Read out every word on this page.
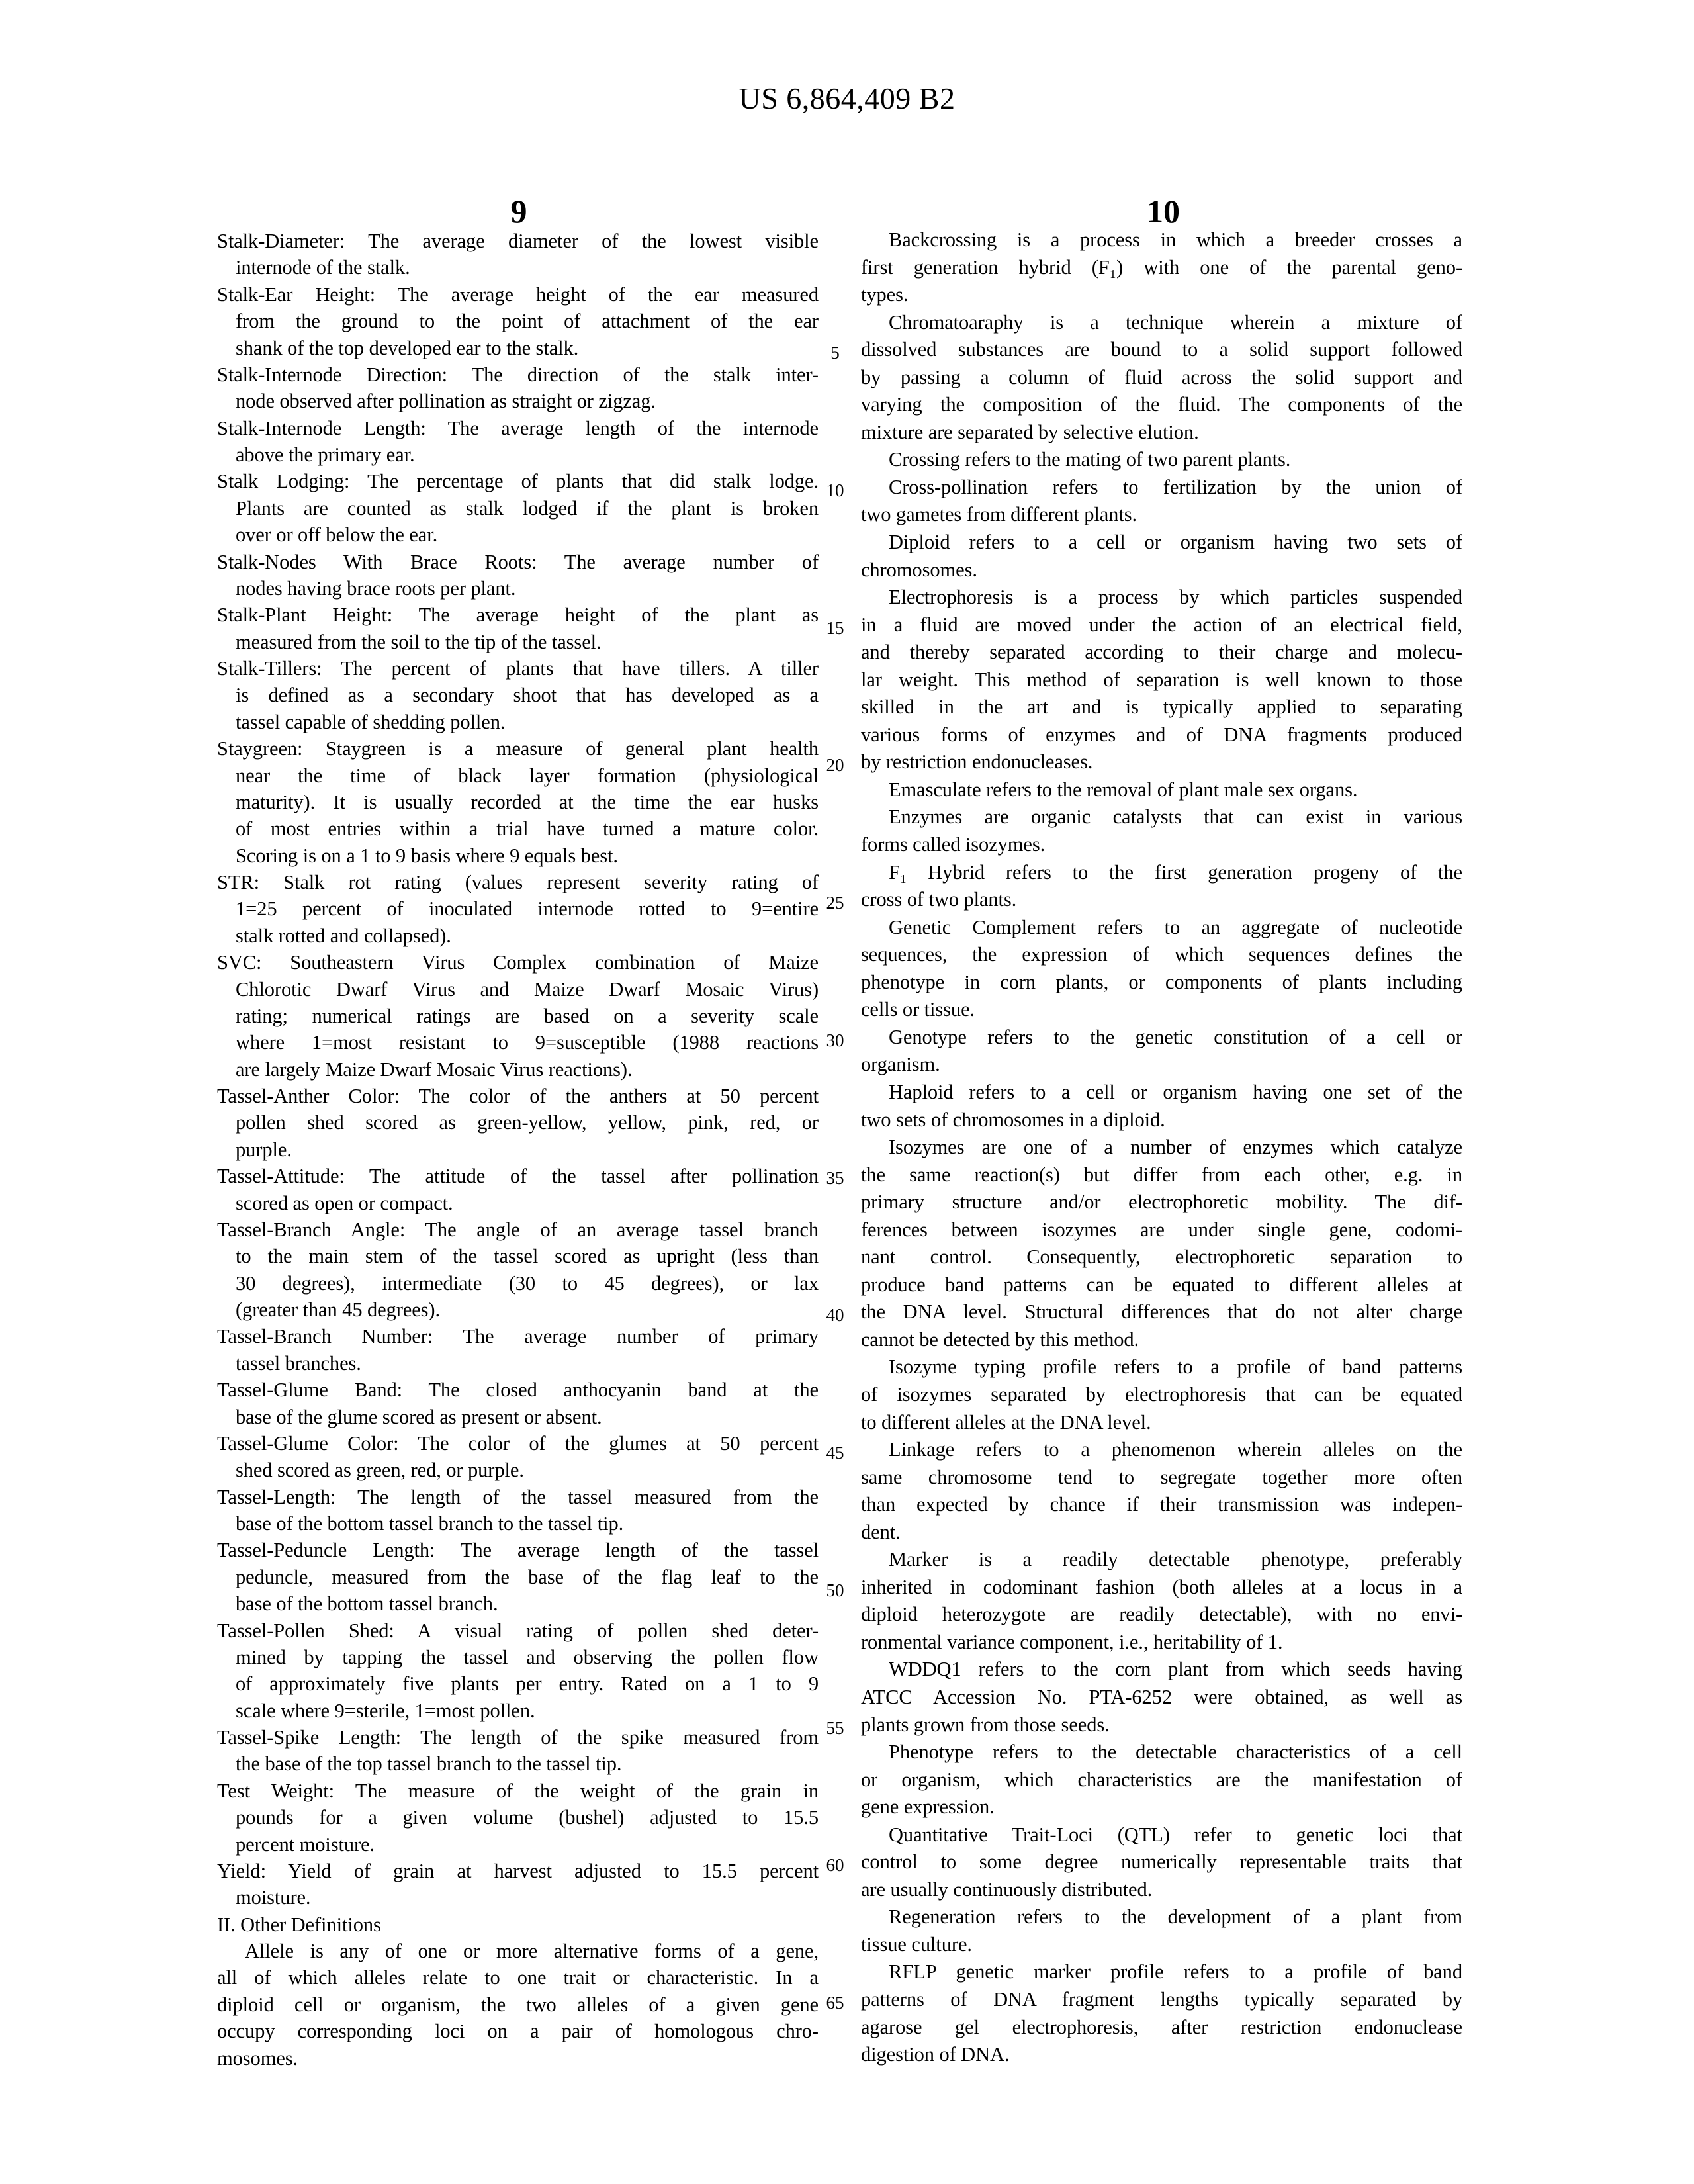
US 6,864,409 B2
9	10
Stalk-Diameter: The average diameter of the lowest visible
internode of the stalk.
Stalk-Ear Height: The average height of the ear measured
from the ground to the point of attachment of the ear
shank of the top developed ear to the stalk.
Stalk-Internode Direction: The direction of the stalk inter-
node observed after pollination as straight or zigzag.
Stalk-Internode Length: The average length of the internode
above the primary ear.
Stalk Lodging: The percentage of plants that did stalk lodge.
Plants are counted as stalk lodged if the plant is broken
over or off below the ear.
Stalk-Nodes With Brace Roots: The average number of
nodes having brace roots per plant.
Stalk-Plant Height: The average height of the plant as
measured from the soil to the tip of the tassel.
Stalk-Tillers: The percent of plants that have tillers. A tiller
is defined as a secondary shoot that has developed as a
tassel capable of shedding pollen.
Staygreen: Staygreen is a measure of general plant health
near the time of black layer formation (physiological
maturity). It is usually recorded at the time the ear husks
of most entries within a trial have turned a mature color.
Scoring is on a 1 to 9 basis where 9 equals best.
STR: Stalk rot rating (values represent severity rating of
1=25 percent of inoculated internode rotted to 9=entire
stalk rotted and collapsed).
SVC: Southeastern Virus Complex combination of Maize
Chlorotic Dwarf Virus and Maize Dwarf Mosaic Virus)
rating; numerical ratings are based on a severity scale
where 1=most resistant to 9=susceptible (1988 reactions
are largely Maize Dwarf Mosaic Virus reactions).
Tassel-Anther Color: The color of the anthers at 50 percent
pollen shed scored as green-yellow, yellow, pink, red, or
purple.
Tassel-Attitude: The attitude of the tassel after pollination
scored as open or compact.
Tassel-Branch Angle: The angle of an average tassel branch
to the main stem of the tassel scored as upright (less than
30 degrees), intermediate (30 to 45 degrees), or lax
(greater than 45 degrees).
Tassel-Branch Number: The average number of primary
tassel branches.
Tassel-Glume Band: The closed anthocyanin band at the
base of the glume scored as present or absent.
Tassel-Glume Color: The color of the glumes at 50 percent
shed scored as green, red, or purple.
Tassel-Length: The length of the tassel measured from the
base of the bottom tassel branch to the tassel tip.
Tassel-Peduncle Length: The average length of the tassel
peduncle, measured from the base of the flag leaf to the
base of the bottom tassel branch.
Tassel-Pollen Shed: A visual rating of pollen shed deter-
mined by tapping the tassel and observing the pollen flow
of approximately five plants per entry. Rated on a 1 to 9
scale where 9=sterile, 1=most pollen.
Tassel-Spike Length: The length of the spike measured from
the base of the top tassel branch to the tassel tip.
Test Weight: The measure of the weight of the grain in
pounds for a given volume (bushel) adjusted to 15.5
percent moisture.
Yield: Yield of grain at harvest adjusted to 15.5 percent
moisture.
II. Other Definitions
Allele is any of one or more alternative forms of a gene,
all of which alleles relate to one trait or characteristic. In a
diploid cell or organism, the two alleles of a given gene
occupy corresponding loci on a pair of homologous chro-
mosomes.
Backcrossing is a process in which a breeder crosses a
first generation hybrid (F₁) with one of the parental geno-
types.
Chromatoaraphy is a technique wherein a mixture of
dissolved substances are bound to a solid support followed
by passing a column of fluid across the solid support and
varying the composition of the fluid. The components of the
mixture are separated by selective elution.
Crossing refers to the mating of two parent plants.
Cross-pollination refers to fertilization by the union of
two gametes from different plants.
Diploid refers to a cell or organism having two sets of
chromosomes.
Electrophoresis is a process by which particles suspended
in a fluid are moved under the action of an electrical field,
and thereby separated according to their charge and molecu-
lar weight. This method of separation is well known to those
skilled in the art and is typically applied to separating
various forms of enzymes and of DNA fragments produced
by restriction endonucleases.
Emasculate refers to the removal of plant male sex organs.
Enzymes are organic catalysts that can exist in various
forms called isozymes.
F₁ Hybrid refers to the first generation progeny of the
cross of two plants.
Genetic Complement refers to an aggregate of nucleotide
sequences, the expression of which sequences defines the
phenotype in corn plants, or components of plants including
cells or tissue.
Genotype refers to the genetic constitution of a cell or
organism.
Haploid refers to a cell or organism having one set of the
two sets of chromosomes in a diploid.
Isozymes are one of a number of enzymes which catalyze
the same reaction(s) but differ from each other, e.g. in
primary structure and/or electrophoretic mobility. The dif-
ferences between isozymes are under single gene, codomi-
nant control. Consequently, electrophoretic separation to
produce band patterns can be equated to different alleles at
the DNA level. Structural differences that do not alter charge
cannot be detected by this method.
Isozyme typing profile refers to a profile of band patterns
of isozymes separated by electrophoresis that can be equated
to different alleles at the DNA level.
Linkage refers to a phenomenon wherein alleles on the
same chromosome tend to segregate together more often
than expected by chance if their transmission was indepen-
dent.
Marker is a readily detectable phenotype, preferably
inherited in codominant fashion (both alleles at a locus in a
diploid heterozygote are readily detectable), with no envi-
ronmental variance component, i.e., heritability of 1.
WDDQ1 refers to the corn plant from which seeds having
ATCC Accession No. PTA-6252 were obtained, as well as
plants grown from those seeds.
Phenotype refers to the detectable characteristics of a cell
or organism, which characteristics are the manifestation of
gene expression.
Quantitative Trait-Loci (QTL) refer to genetic loci that
control to some degree numerically representable traits that
are usually continuously distributed.
Regeneration refers to the development of a plant from
tissue culture.
RFLP genetic marker profile refers to a profile of band
patterns of DNA fragment lengths typically separated by
agarose gel electrophoresis, after restriction endonuclease
digestion of DNA.
5
10
15
20
25
30
35
40
45
50
55
60
65
